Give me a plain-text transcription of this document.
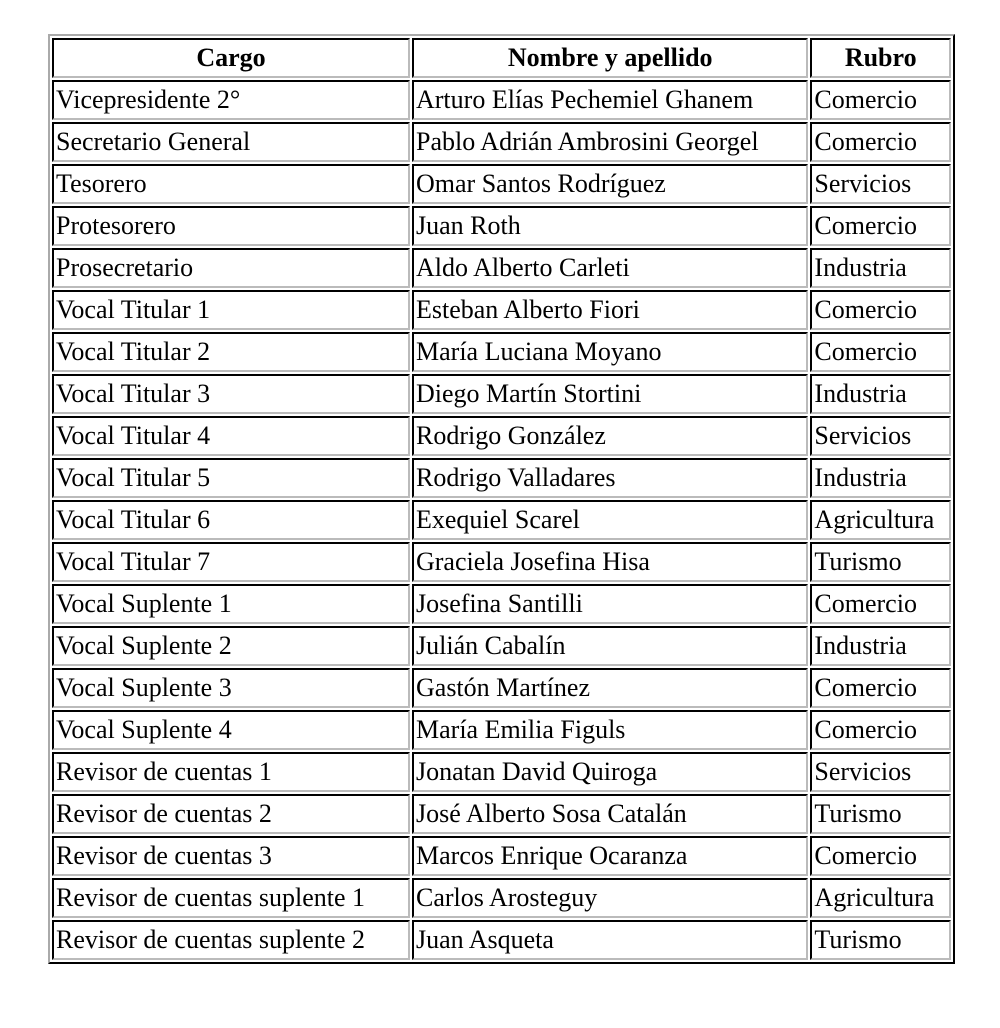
Cargo	Nombre y apellido	Rubro
Vicepresidente 2°	Arturo Elías Pechemiel Ghanem	Comercio
Secretario General	Pablo Adrián Ambrosini Georgel	Comercio
Tesorero	Omar Santos Rodríguez	Servicios
Protesorero	Juan Roth	Comercio
Prosecretario	Aldo Alberto Carleti	Industria
Vocal Titular 1	Esteban Alberto Fiori	Comercio
Vocal Titular 2	María Luciana Moyano	Comercio
Vocal Titular 3	Diego Martín Stortini	Industria
Vocal Titular 4	Rodrigo González	Servicios
Vocal Titular 5	Rodrigo Valladares	Industria
Vocal Titular 6	Exequiel Scarel	Agricultura
Vocal Titular 7	Graciela Josefina Hisa	Turismo
Vocal Suplente 1	Josefina Santilli	Comercio
Vocal Suplente 2	Julián Cabalín	Industria
Vocal Suplente 3	Gastón Martínez	Comercio
Vocal Suplente 4	María Emilia Figuls	Comercio
Revisor de cuentas 1	Jonatan David Quiroga	Servicios
Revisor de cuentas 2	José Alberto Sosa Catalán	Turismo
Revisor de cuentas 3	Marcos Enrique Ocaranza	Comercio
Revisor de cuentas suplente 1	Carlos Arosteguy	Agricultura
Revisor de cuentas suplente 2	Juan Asqueta	Turismo
